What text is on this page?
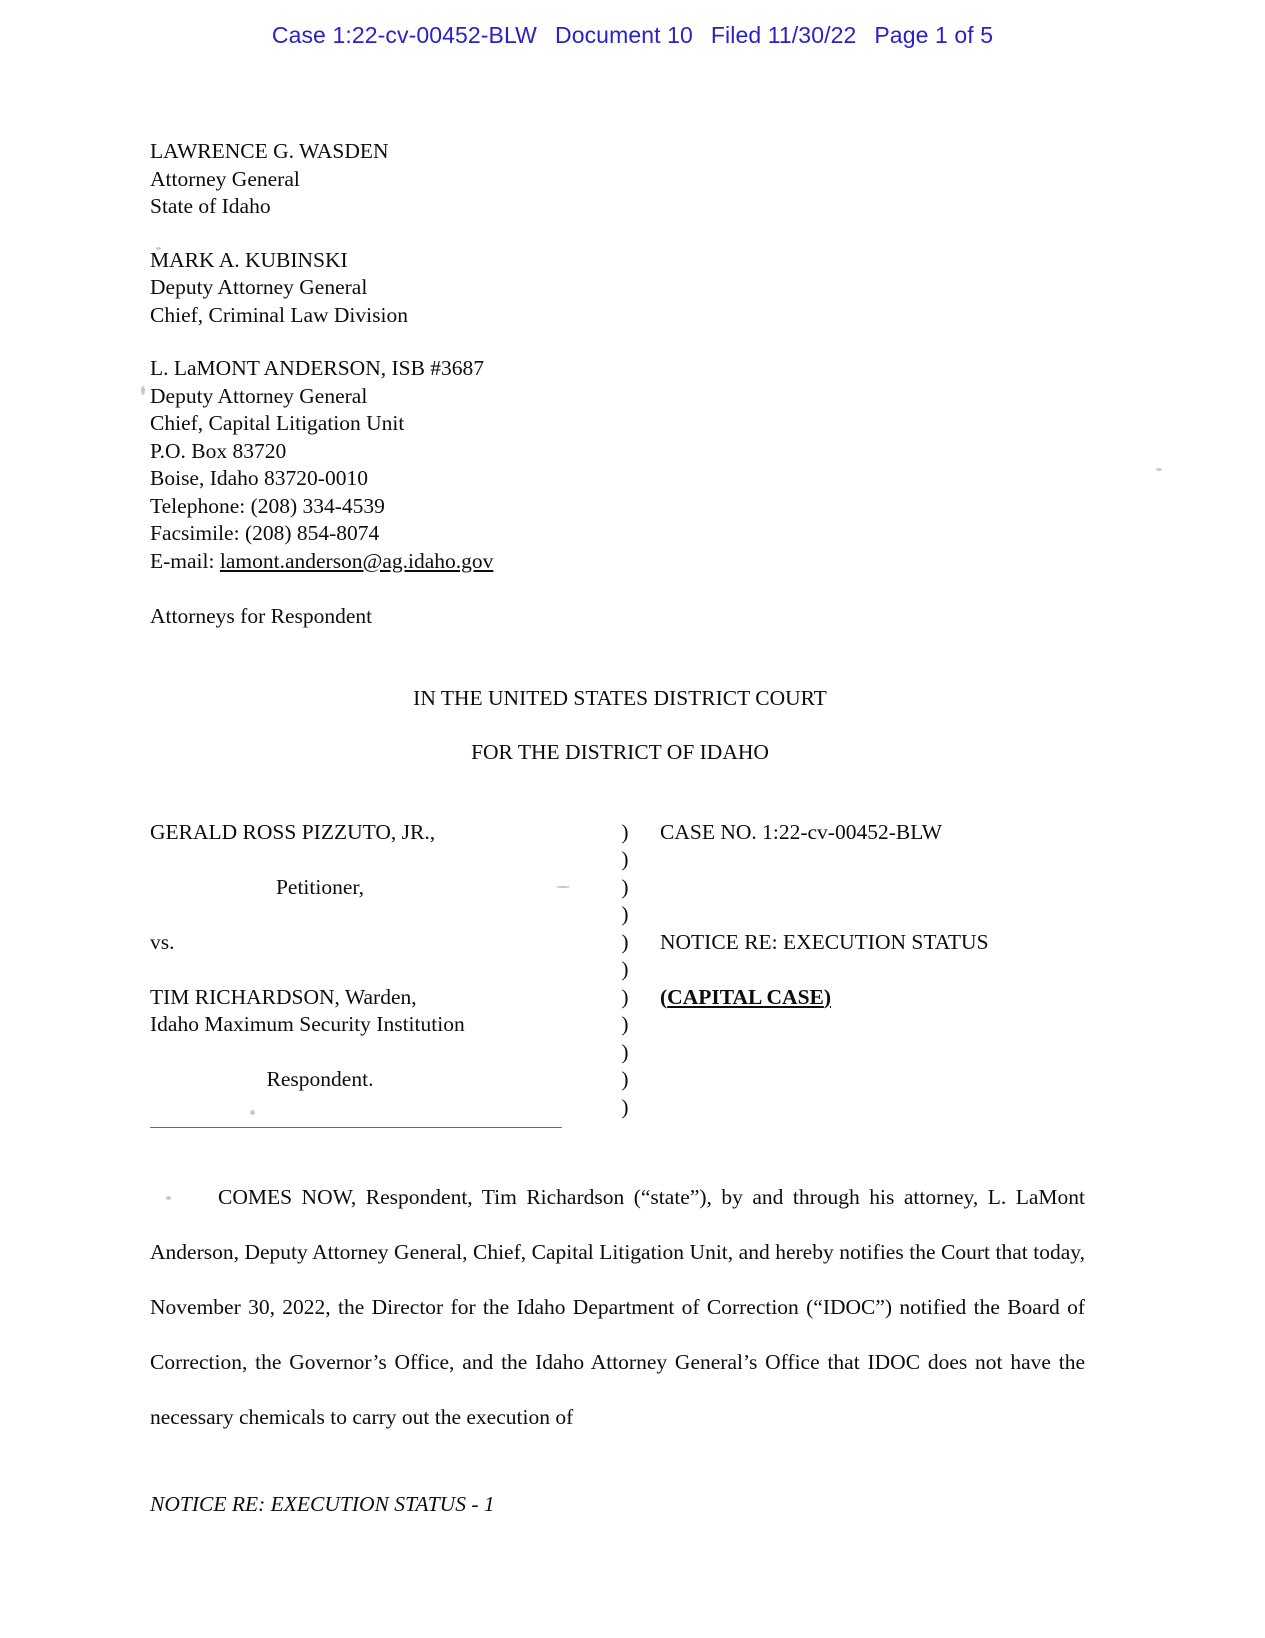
Case 1:22-cv-00452-BLW Document 10 Filed 11/30/22 Page 1 of 5
LAWRENCE G. WASDEN
Attorney General
State of Idaho
MARK A. KUBINSKI
Deputy Attorney General
Chief, Criminal Law Division
L. LaMONT ANDERSON, ISB #3687
Deputy Attorney General
Chief, Capital Litigation Unit
P.O. Box 83720
Boise, Idaho 83720-0010
Telephone: (208) 334-4539
Facsimile: (208) 854-8074
E-mail: lamont.anderson@ag.idaho.gov
Attorneys for Respondent
IN THE UNITED STATES DISTRICT COURT
FOR THE DISTRICT OF IDAHO
GERALD ROSS PIZZUTO, JR.,
Petitioner,
vs.
TIM RICHARDSON, Warden,
Idaho Maximum Security Institution
Respondent.
)
)
)
)
)
)
)
)
)
)
)
CASE NO. 1:22-cv-00452-BLW
NOTICE RE: EXECUTION STATUS
(CAPITAL CASE)
COMES NOW, Respondent, Tim Richardson (“state”), by and through his attorney, L. LaMont Anderson, Deputy Attorney General, Chief, Capital Litigation Unit, and hereby notifies the Court that today, November 30, 2022, the Director for the Idaho Department of Correction (“IDOC”) notified the Board of Correction, the Governor’s Office, and the Idaho Attorney General’s Office that IDOC does not have the necessary chemicals to carry out the execution of
NOTICE RE: EXECUTION STATUS - 1
